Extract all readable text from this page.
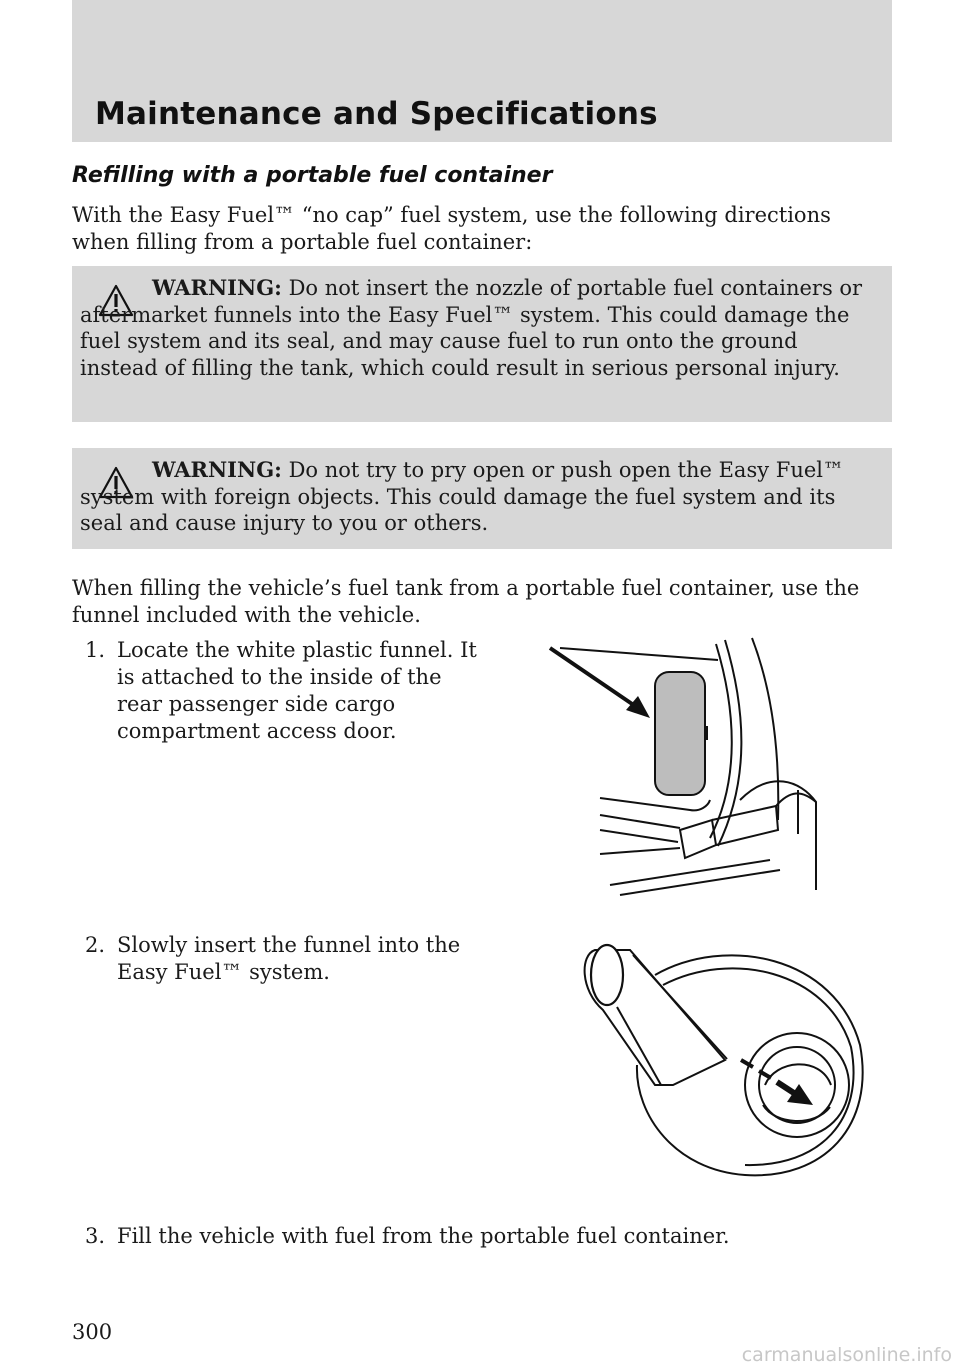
Maintenance and Specifications
Refilling with a portable fuel container

With the Easy Fuel™ “no cap” fuel system, use the following directions when filling from a portable fuel container:

WARNING: Do not insert the nozzle of portable fuel containers or aftermarket funnels into the Easy Fuel™ system. This could damage the fuel system and its seal, and may cause fuel to run onto the ground instead of filling the tank, which could result in serious personal injury.

WARNING: Do not try to pry open or push open the Easy Fuel™ system with foreign objects. This could damage the fuel system and its seal and cause injury to you or others.

When filling the vehicle’s fuel tank from a portable fuel container, use the funnel included with the vehicle.

1. Locate the white plastic funnel. It is attached to the inside of the rear passenger side cargo compartment access door.
2. Slowly insert the funnel into the Easy Fuel™ system.
3. Fill the vehicle with fuel from the portable fuel container.
300
carmanualsonline.info
